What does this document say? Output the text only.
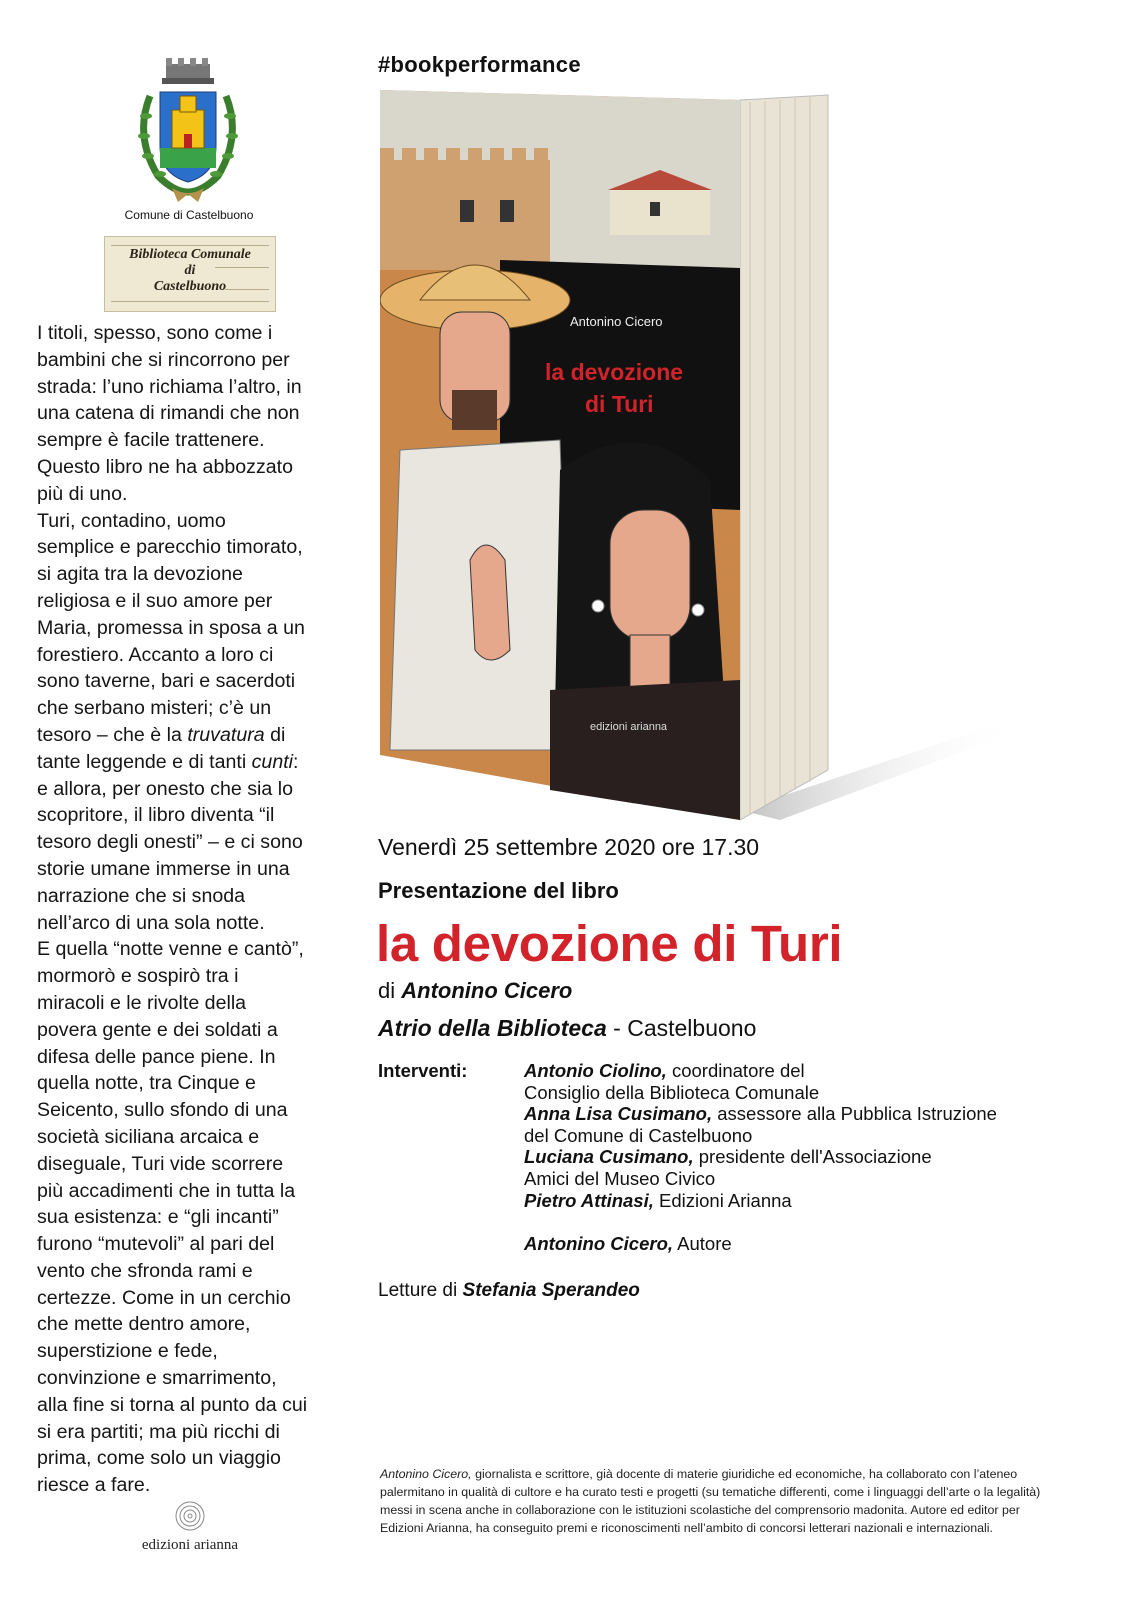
Comune di Castelbuono
Biblioteca Comunale
di
Castelbuono
I titoli, spesso, sono come i
bambini che si rincorrono per
strada: l’uno richiama l’altro, in
una catena di rimandi che non
sempre è facile trattenere.
Questo libro ne ha abbozzato
più di uno.
Turi, contadino, uomo
semplice e parecchio timorato,
si agita tra la devozione
religiosa e il suo amore per
Maria, promessa in sposa a un
forestiero. Accanto a loro ci
sono taverne, bari e sacerdoti
che serbano misteri; c’è un
tesoro – che è la truvatura di
tante leggende e di tanti cunti:
e allora, per onesto che sia lo
scopritore, il libro diventa “il
tesoro degli onesti” – e ci sono
storie umane immerse in una
narrazione che si snoda
nell’arco di una sola notte.
E quella “notte venne e cantò”,
mormorò e sospirò tra i
miracoli e le rivolte della
povera gente e dei soldati a
difesa delle pance piene. In
quella notte, tra Cinque e
Seicento, sullo sfondo di una
società siciliana arcaica e
diseguale, Turi vide scorrere
più accadimenti che in tutta la
sua esistenza: e “gli incanti”
furono “mutevoli” al pari del
vento che sfronda rami e
certezze. Come in un cerchio
che mette dentro amore,
superstizione e fede,
convinzione e smarrimento,
alla fine si torna al punto da cui
si era partiti; ma più ricchi di
prima, come solo un viaggio
riesce a fare.
edizioni arianna
#bookperformance
Antonino Cicero
la devozione
di Turi
edizioni arianna
Venerdì 25 settembre 2020 ore 17.30
Presentazione del libro
la devozione di Turi
di Antonino Cicero
Atrio della Biblioteca - Castelbuono
Interventi:	Antonio Ciolino, coordinatore del
Consiglio della Biblioteca Comunale
Anna Lisa Cusimano, assessore alla Pubblica Istruzione
del Comune di Castelbuono
Luciana Cusimano, presidente dell'Associazione
Amici del Museo Civico
Pietro Attinasi, Edizioni Arianna
Antonino Cicero, Autore
Letture di Stefania Sperandeo
Antonino Cicero, giornalista e scrittore, già docente di materie giuridiche ed economiche, ha collaborato con l’ateneo palermitano in qualità di cultore e ha curato testi e progetti (su tematiche differenti, come i linguaggi dell’arte o la legalità) messi in scena anche in collaborazione con le istituzioni scolastiche del comprensorio madonita. Autore ed editor per Edizioni Arianna, ha conseguito premi e riconoscimenti nell’ambito di concorsi letterari nazionali e internazionali.
